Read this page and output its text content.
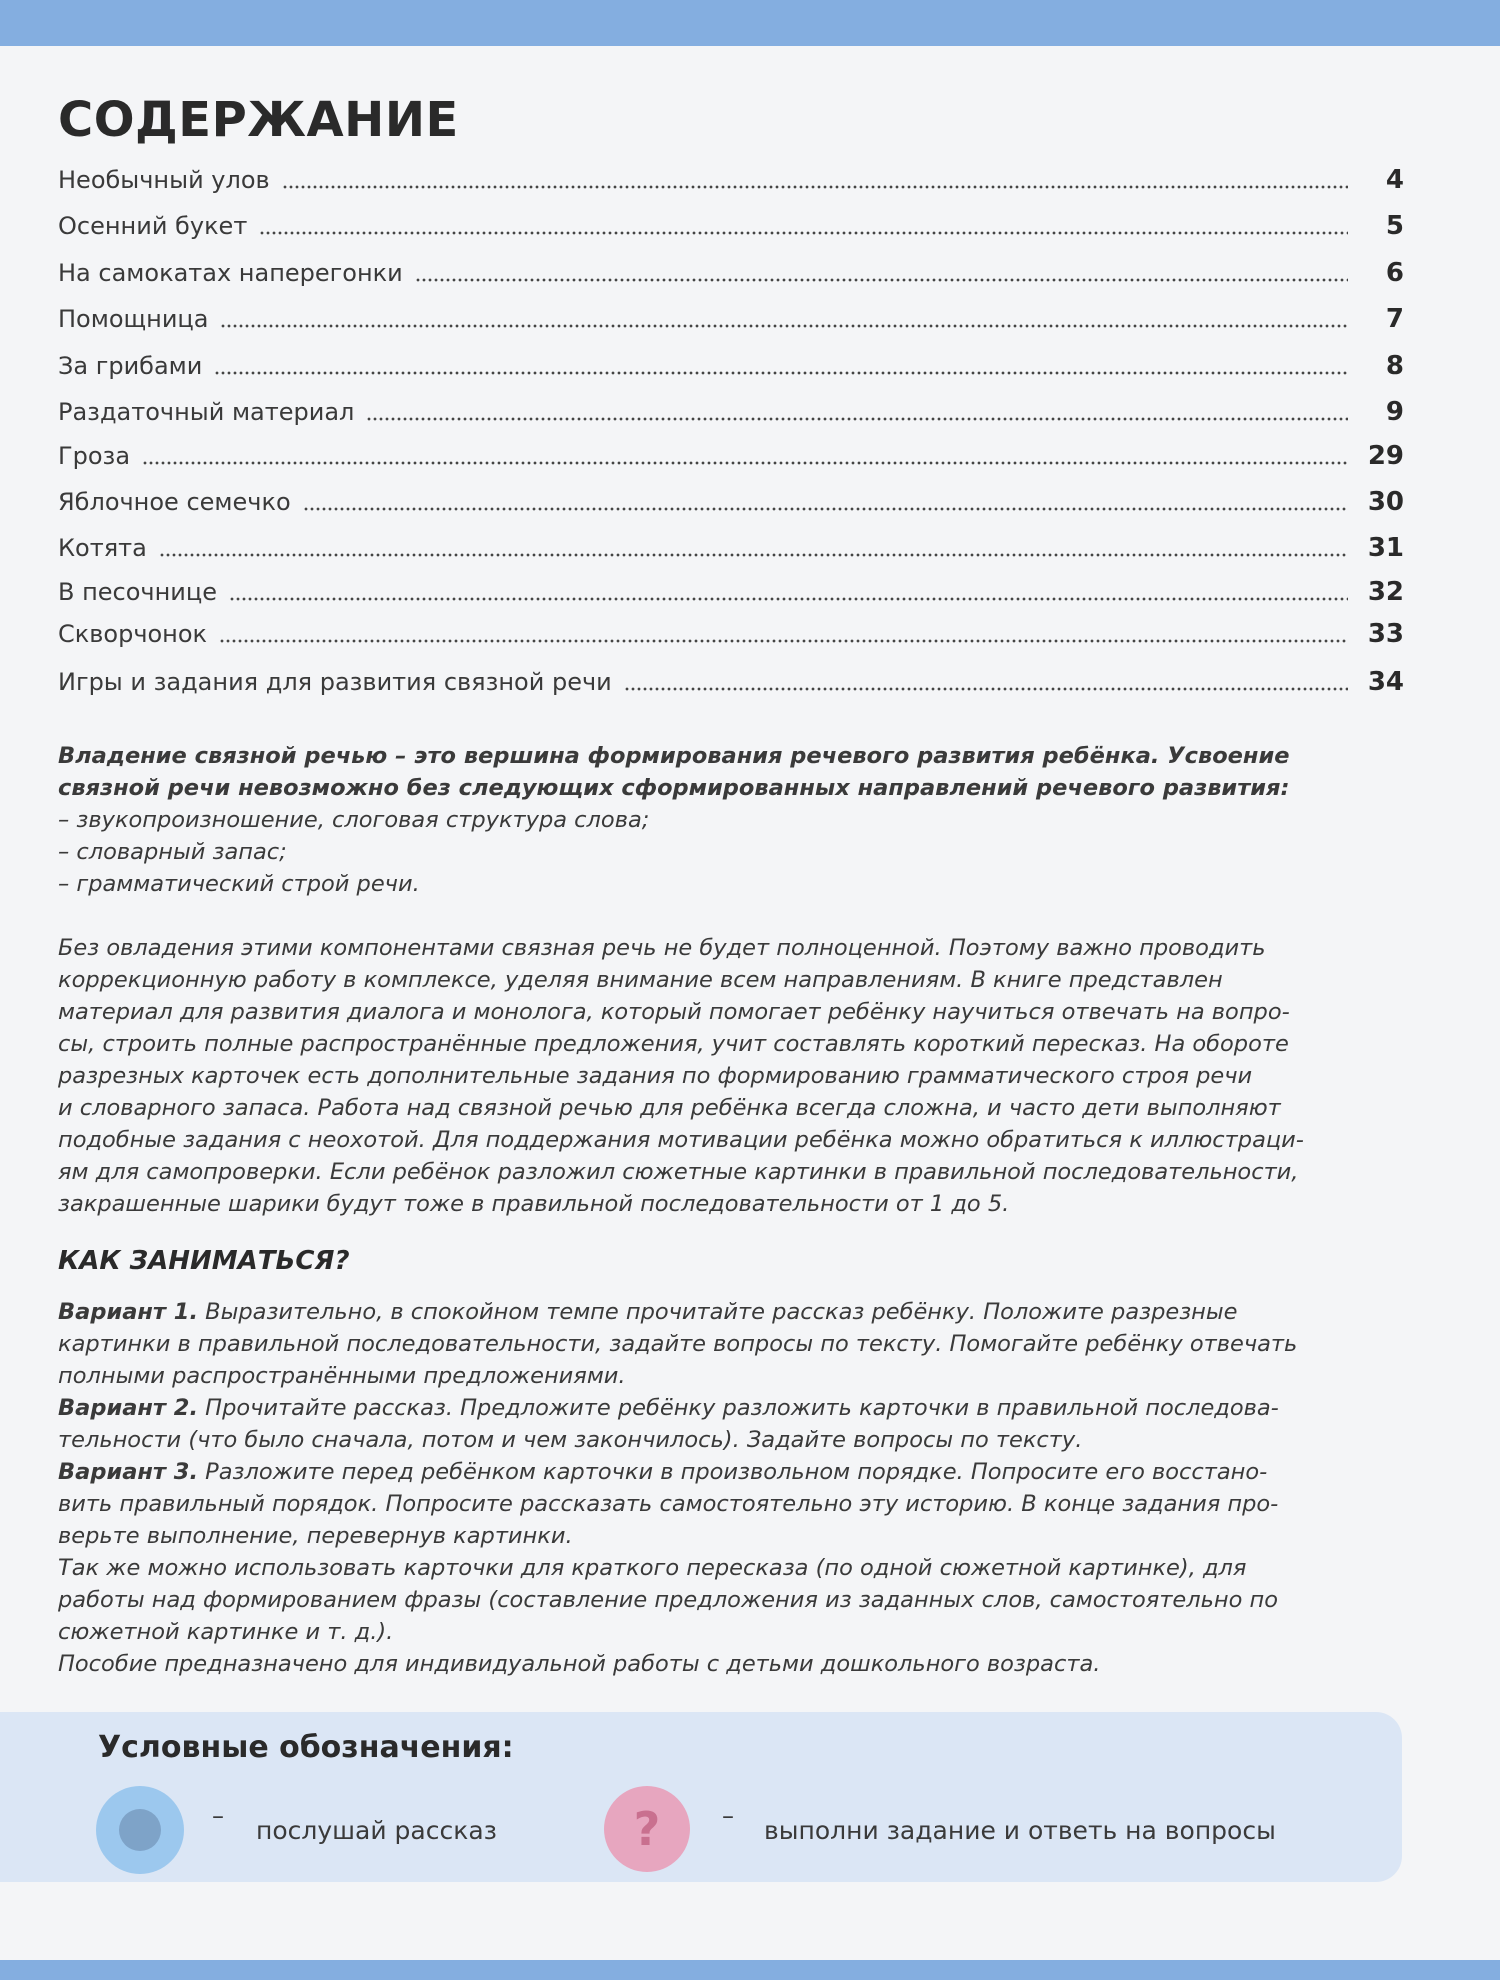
СОДЕРЖАНИЕ
Необычный улов	4
Осенний букет	5
На самокатах наперегонки	6
Помощница	7
За грибами	8
Раздаточный материал	9
Гроза	29
Яблочное семечко	30
Котята	31
В песочнице	32
Скворчонок	33
Игры и задания для развития связной речи	34
Владение связной речью – это вершина формирования речевого развития ребёнка. Усвоение
связной речи невозможно без следующих сформированных направлений речевого развития:
– звукопроизношение, слоговая структура слова;
– словарный запас;
– грамматический строй речи.
Без овладения этими компонентами связная речь не будет полноценной. Поэтому важно проводить
коррекционную работу в комплексе, уделяя внимание всем направлениям. В книге представлен
материал для развития диалога и монолога, который помогает ребёнку научиться отвечать на вопро-
сы, строить полные распространённые предложения, учит составлять короткий пересказ. На обороте
разрезных карточек есть дополнительные задания по формированию грамматического строя речи
и словарного запаса. Работа над связной речью для ребёнка всегда сложна, и часто дети выполняют
подобные задания с неохотой. Для поддержания мотивации ребёнка можно обратиться к иллюстраци-
ям для самопроверки. Если ребёнок разложил сюжетные картинки в правильной последовательности,
закрашенные шарики будут тоже в правильной последовательности от 1 до 5.
КАК ЗАНИМАТЬСЯ?
Вариант 1. Выразительно, в спокойном темпе прочитайте рассказ ребёнку. Положите разрезные
картинки в правильной последовательности, задайте вопросы по тексту. Помогайте ребёнку отвечать
полными распространёнными предложениями.
Вариант 2. Прочитайте рассказ. Предложите ребёнку разложить карточки в правильной последова-
тельности (что было сначала, потом и чем закончилось). Задайте вопросы по тексту.
Вариант 3. Разложите перед ребёнком карточки в произвольном порядке. Попросите его восстано-
вить правильный порядок. Попросите рассказать самостоятельно эту историю. В конце задания про-
верьте выполнение, перевернув картинки.
Так же можно использовать карточки для краткого пересказа (по одной сюжетной картинке), для
работы над формированием фразы (составление предложения из заданных слов, самостоятельно по
сюжетной картинке и т. д.).
Пособие предназначено для индивидуальной работы с детьми дошкольного возраста.
Условные обозначения:
– послушай рассказ	?	– выполни задание и ответь на вопросы
